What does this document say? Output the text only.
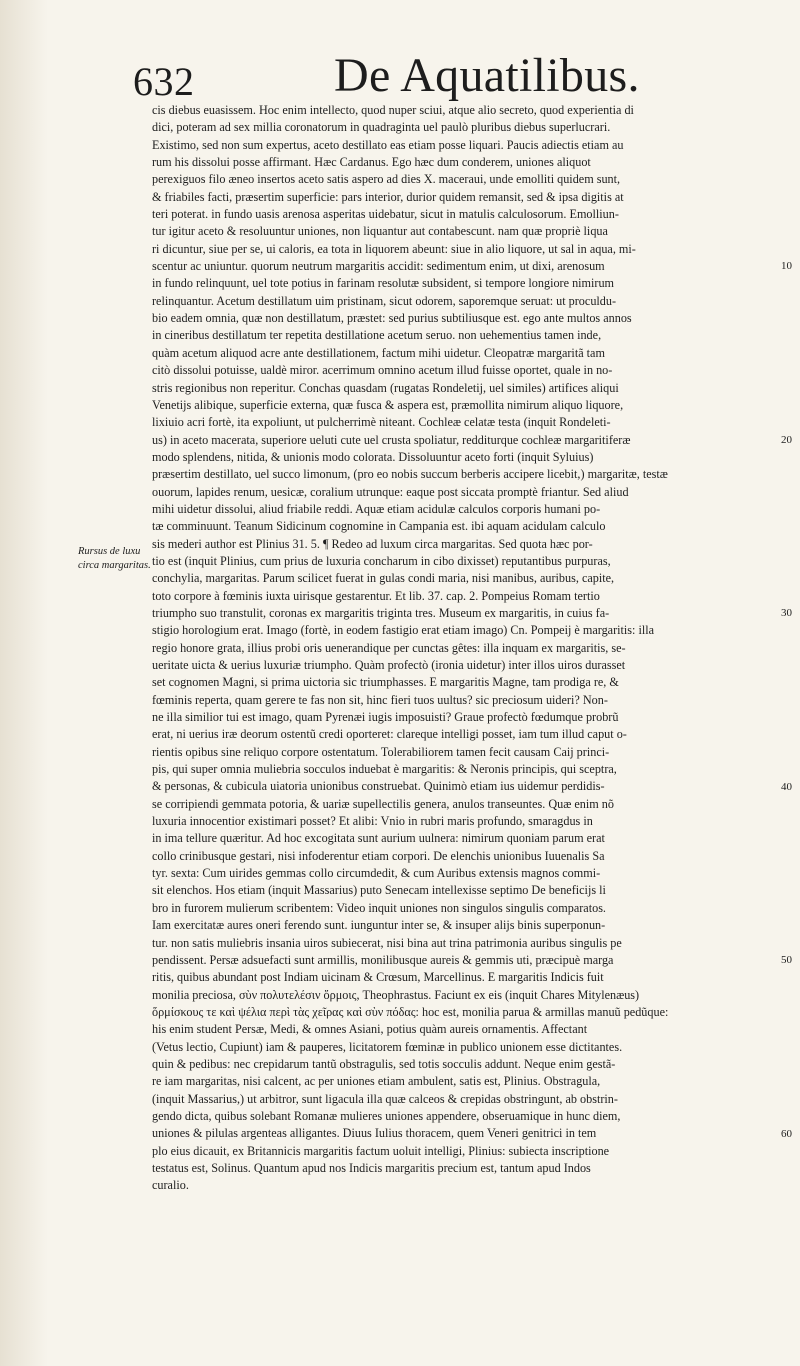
632	De Aquatilibus.
Rursus de luxu circa margaritas.
cis diebus euasissem. Hoc enim intellecto, quod nuper sciui, atque alio secreto, quod experientia di
dici, poteram ad sex millia coronatorum in quadraginta uel paulò pluribus diebus superlucrari.
Existimo, sed non sum expertus, aceto destillato eas etiam posse liquari. Paucis adiectis etiam au
rum his dissolui posse affirmant. Hæc Cardanus. Ego hæc dum conderem, uniones aliquot
perexiguos filo æneo insertos aceto satis aspero ad dies X. maceraui, unde emolliti quidem sunt,
& friabiles facti, præsertim superficie: pars interior, durior quidem remansit, sed & ipsa digitis at
teri poterat. in fundo uasis arenosa asperitas uidebatur, sicut in matulis calculosorum. Emolliun-
tur igitur aceto & resoluuntur uniones, non liquantur aut contabescunt. nam quæ propriè liqua
ri dicuntur, siue per se, ui caloris, ea tota in liquorem abeunt: siue in alio liquore, ut sal in aqua, mi-
scentur ac uniuntur. quorum neutrum margaritis accidit: sedimentum enim, ut dixi, arenosum
in fundo relinquunt, uel tote potius in farinam resolutæ subsident, si tempore longiore nimirum
relinquantur. Acetum destillatum uim pristinam, sicut odorem, saporemque seruat: ut proculdu-
bio eadem omnia, quæ non destillatum, præstet: sed purius subtiliusque est. ego ante multos annos
in cineribus destillatum ter repetita destillatione acetum seruo. non uehementius tamen inde,
quàm acetum aliquod acre ante destillationem, factum mihi uidetur. Cleopatræ margaritã tam
citò dissolui potuisse, ualdè miror. acerrimum omnino acetum illud fuisse oportet, quale in no-
stris regionibus non reperitur. Conchas quasdam (rugatas Rondeletij, uel similes) artifices aliqui
Venetijs alibique, superficie externa, quæ fusca & aspera est, præmollita nimirum aliquo liquore,
lixiuio acri fortè, ita expoliunt, ut pulcherrimè niteant. Cochleæ celatæ testa (inquit Rondeleti-
us) in aceto macerata, superiore ueluti cute uel crusta spoliatur, redditurque cochleæ margaritiferæ
modo splendens, nitida, & unionis modo colorata. Dissoluuntur aceto forti (inquit Syluius)
præsertim destillato, uel succo limonum, (pro eo nobis succum berberis accipere licebit,) margaritæ, testæ
ouorum, lapides renum, uesicæ, coralium utrunque: eaque post siccata promptè friantur. Sed aliud
mihi uidetur dissolui, aliud friabile reddi. Aquæ etiam acidulæ calculos corporis humani po-
tæ comminuunt. Teanum Sidicinum cognomine in Campania est. ibi aquam acidulam calculo
sis mederi author est Plinius 31. 5. ¶ Redeo ad luxum circa margaritas. Sed quota hæc por-
tio est (inquit Plinius, cum prius de luxuria concharum in cibo dixisset) reputantibus purpuras,
conchylia, margaritas. Parum scilicet fuerat in gulas condi maria, nisi manibus, auribus, capite,
toto corpore à fœminis iuxta uirisque gestarentur. Et lib. 37. cap. 2. Pompeius Romam tertio
triumpho suo transtulit, coronas ex margaritis triginta tres. Museum ex margaritis, in cuius fa-
stigio horologium erat. Imago (fortè, in eodem fastigio erat etiam imago) Cn. Pompeij è margaritis: illa
regio honore grata, illius probi oris uenerandique per cunctas gêtes: illa inquam ex margaritis, se-
ueritate uicta & uerius luxuriæ triumpho. Quàm profectò (ironia uidetur) inter illos uiros durasset
set cognomen Magni, si prima uictoria sic triumphasses. E margaritis Magne, tam prodiga re, &
fœminis reperta, quam gerere te fas non sit, hinc fieri tuos uultus? sic preciosum uideri? Non-
ne illa similior tui est imago, quam Pyrenæi iugis imposuisti? Graue profectò fœdumque probrũ
erat, ni uerius iræ deorum ostentũ credi oporteret: clareque intelligi posset, iam tum illud caput o-
rientis opibus sine reliquo corpore ostentatum. Tolerabiliorem tamen fecit causam Caij princi-
pis, qui super omnia muliebria socculos induebat è margaritis: & Neronis principis, qui sceptra,
& personas, & cubicula uiatoria unionibus construebat. Quinimò etiam ius uidemur perdidis-
se corripiendi gemmata potoria, & uariæ supellectilis genera, anulos transeuntes. Quæ enim nõ
luxuria innocentior existimari posset? Et alibi: Vnio in rubri maris profundo, smaragdus in
in ima tellure quæritur. Ad hoc excogitata sunt aurium uulnera: nimirum quoniam parum erat
collo crinibusque gestari, nisi infoderentur etiam corpori. De elenchis unionibus Iuuenalis Sa
tyr. sexta: Cum uirides gemmas collo circumdedit, & cum Auribus extensis magnos commi-
sit elenchos. Hos etiam (inquit Massarius) puto Senecam intellexisse septimo De beneficijs li
bro in furorem mulierum scribentem: Video inquit uniones non singulos singulis comparatos.
Iam exercitatæ aures oneri ferendo sunt. iunguntur inter se, & insuper alijs binis superponun-
tur. non satis muliebris insania uiros subiecerat, nisi bina aut trina patrimonia auribus singulis pe
pendissent. Persæ adsuefacti sunt armillis, monilibusque aureis & gemmis uti, præcipuè marga
ritis, quibus abundant post Indiam uicinam & Crœsum, Marcellinus. E margaritis Indicis fuit
monilia preciosa, σὺν πολυτελέσιν ὅρμοις, Theophrastus. Faciunt ex eis (inquit Chares Mitylenæus)
ὅρμίσκους τε καὶ ψέλια περὶ τὰς χεῖρας καὶ σὺν πόδας: hoc est, monilia parua & armillas manuũ pedũque:
his enim student Persæ, Medi, & omnes Asiani, potius quàm aureis ornamentis. Affectant
(Vetus lectio, Cupiunt) iam & pauperes, licitatorem fœminæ in publico unionem esse dictitantes.
quin & pedibus: nec crepidarum tantũ obstragulis, sed totis socculis addunt. Neque enim gestã-
re iam margaritas, nisi calcent, ac per uniones etiam ambulent, satis est, Plinius. Obstragula,
(inquit Massarius,) ut arbitror, sunt ligacula illa quæ calceos & crepidas obstringunt, ab obstrin-
gendo dicta, quibus solebant Romanæ mulieres uniones appendere, obseruamique in hunc diem,
uniones & pilulas argenteas alligantes. Diuus Iulius thoracem, quem Veneri genitrici in tem
plo eius dicauit, ex Britannicis margaritis factum uoluit intelligi, Plinius: subiecta inscriptione
testatus est, Solinus. Quantum apud nos Indicis margaritis precium est, tantum apud Indos
curalio.
10
20
30
40
50
60
